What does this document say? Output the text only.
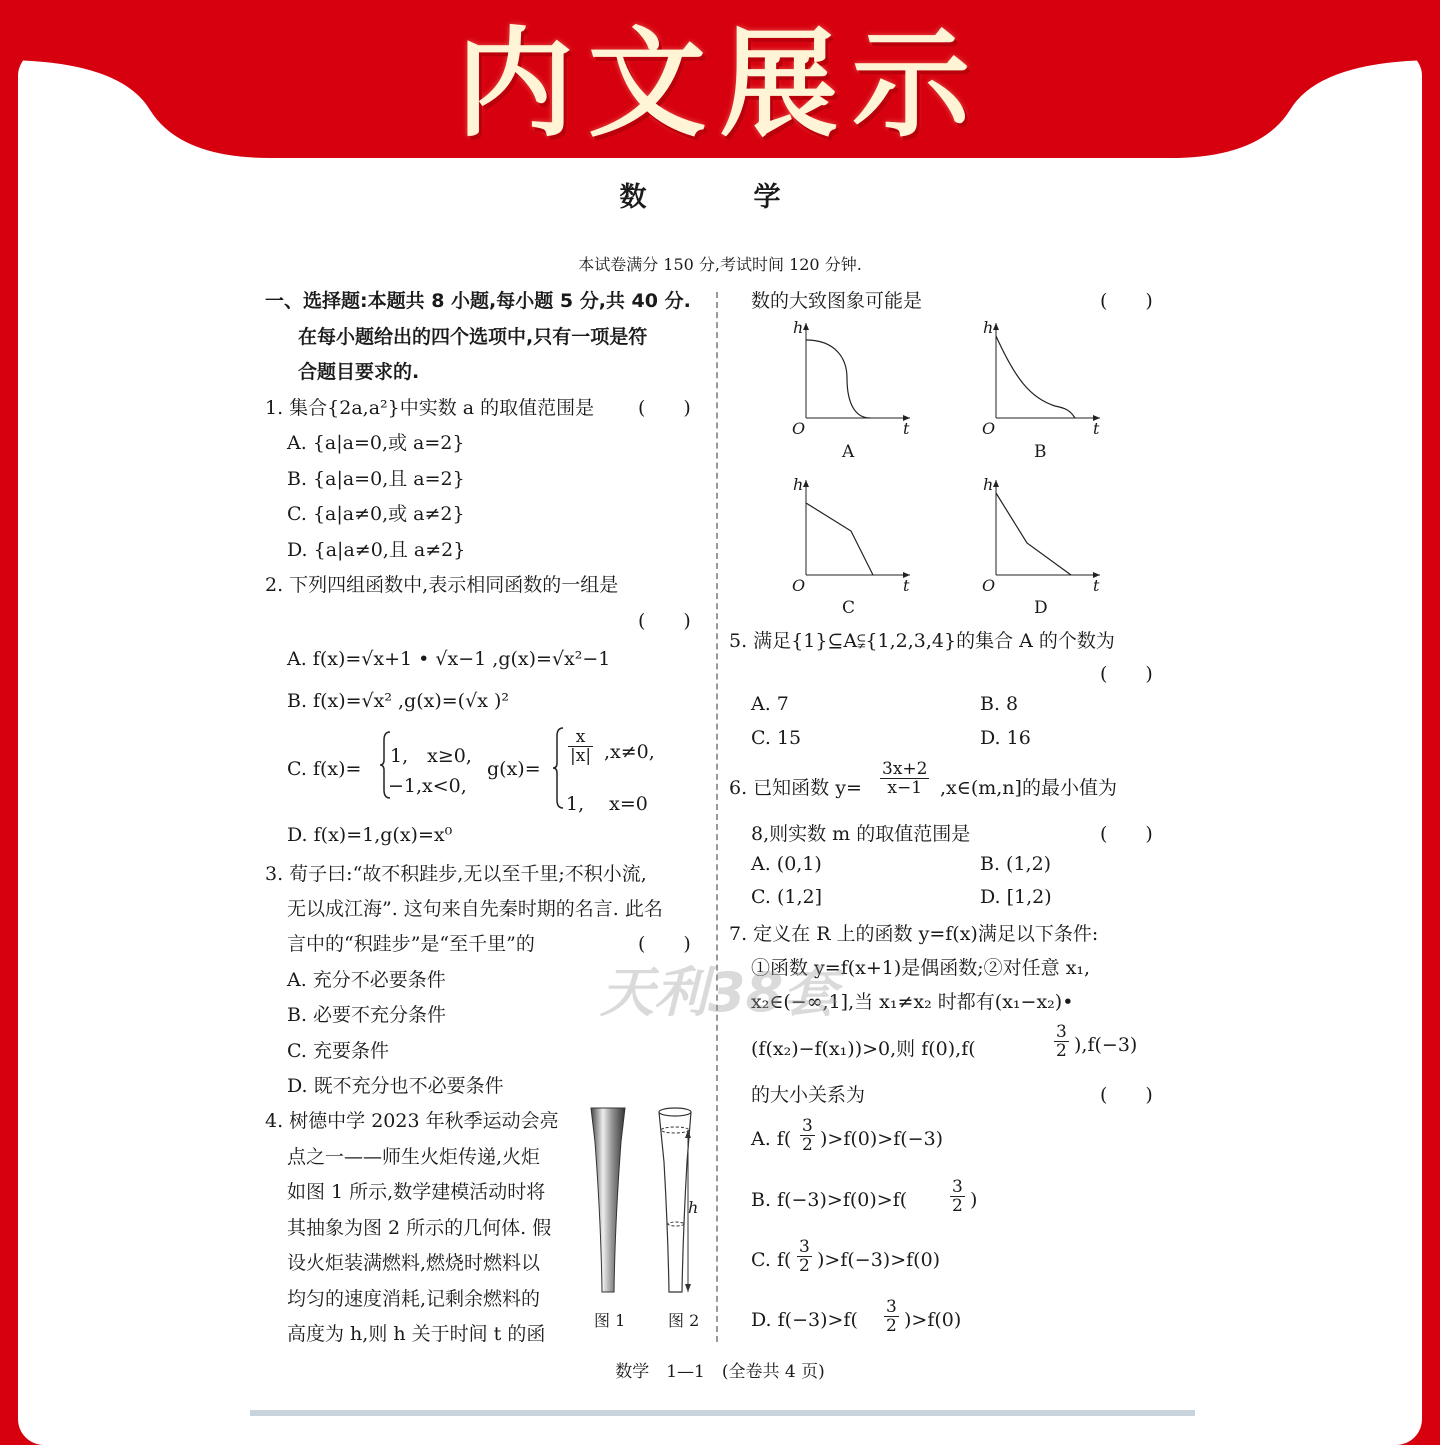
内文展示
数　学
本试卷满分 150 分,考试时间 120 分钟.
一、选择题:本题共 8 小题,每小题 5 分,共 40 分.
在每小题给出的四个选项中,只有一项是符
合题目要求的.
1. 集合{2a,a²}中实数 a 的取值范围是 (　　)
A. {a|a=0,或 a=2}
B. {a|a=0,且 a=2}
C. {a|a≠0,或 a≠2}
D. {a|a≠0,且 a≠2}
2. 下列四组函数中,表示相同函数的一组是
(　　)
A. f(x)=√x+1 • √x−1 ,g(x)=√x²−1
B. f(x)=√x² ,g(x)=(√x )²
C. f(x)=
1,　x≥0,
−1,x<0,
g(x)=
$\frac{x}{|x|} ,x\ne 0$,
1,　 x=0
D. f(x)=1,g(x)=x⁰
3. 荀子曰:“故不积跬步,无以至千里;不积小流,
无以成江海”. 这句来自先秦时期的名言. 此名
言中的“积跬步”是“至千里”的	(　　)
A. 充分不必要条件
B. 必要不充分条件
C. 充要条件
D. 既不充分也不必要条件
4. 树德中学 2023 年秋季运动会亮
点之一——师生火炬传递,火炬
如图 1 所示,数学建模活动时将
其抽象为图 2 所示的几何体. 假
设火炬装满燃料,燃烧时燃料以
均匀的速度消耗,记剩余燃料的
高度为 h,则 h 关于时间 t 的函
h
图 1	图 2
数的大致图象可能是	(　　)
h
O	t
A
h
O	t
B
h
O	t
C
h
O	t
D
5. 满足{1}⊆A⫋{1,2,3,4}的集合 A 的个数为
(　　)
A. 7	B. 8
C. 15	D. 16
6. 已知函数 $y= \frac{3x+2}{x-1}$ ,x∈(m,n]的最小值为
8,则实数 m 的取值范围是	(　　)
A. (0,1)	B. (1,2)
C. (1,2]	D. [1,2)
7. 定义在 R 上的函数 y=f(x)满足以下条件:
①函数 y=f(x+1)是偶函数;②对任意 x₁,
x₂∈(−∞,1],当 x₁≠x₂ 时都有(x₁−x₂)•
(f(x₂)−f(x₁))>0,则 f(0),f(	$\frac{3}{2} ),f(-3)$
的大小关系为	(　　)
A. $f( \frac{3}{2} )>f(0)>f(-3)$
B. f(−3)>f(0)>f(	$\frac{3}{2}$ )
C. $f( \frac{3}{2} )>f(-3)>f(0)$
D. $f(-3)>f( \frac{3}{2} )>f(0)$
天利38套
数学　1—1　(全卷共 4 页)
